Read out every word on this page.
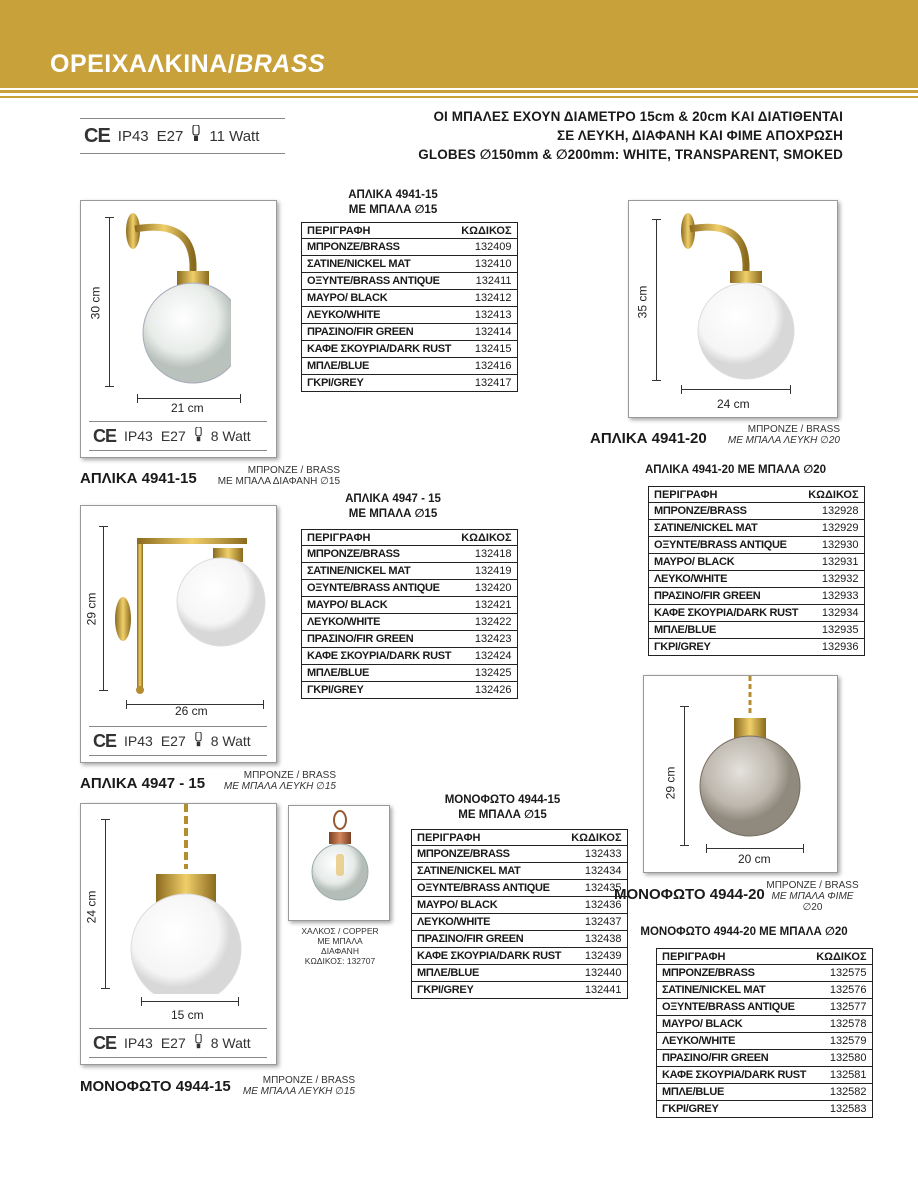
ΟΡΕΙΧΑΛΚΙΝΑ/BRASS
ΟΙ ΜΠΑΛΕΣ ΕΧΟΥΝ ΔΙΑΜΕΤΡΟ 15cm & 20cm ΚΑΙ ΔΙΑΤΙΘΕΝΤΑΙ
ΣΕ ΛΕΥΚΗ, ΔΙΑΦΑΝΗ ΚΑΙ ΦΙΜΕ ΑΠΟΧΡΩΣΗ
GLOBES ∅150mm & ∅200mm: WHITE, TRANSPARENT, SMOKED
CE IP43 E27 11 Watt
30 cm
21 cm
CE IP43 E27 8 Watt
ΑΠΛΙΚΑ 4941-15	ΜΠΡΟΝΖΕ / BRASS
ΜΕ ΜΠΑΛΑ ΔΙΑΦΑΝΗ ∅15
ΑΠΛΙΚΑ 4941-15
ΜΕ ΜΠΑΛΑ ∅15
ΠΕΡΙΓΡΑΦΗ	ΚΩΔΙΚΟΣ
ΜΠΡΟΝΖΕ/BRASS	132409
ΣΑΤΙΝΕ/NICKEL MAT	132410
ΟΞΥΝΤΕ/BRASS ANTIQUE	132411
ΜΑΥΡΟ/ BLACK	132412
ΛΕΥΚΟ/WHITE	132413
ΠΡΑΣΙΝΟ/FIR GREEN	132414
ΚΑΦΕ ΣΚΟΥΡΙΑ/DARK RUST	132415
ΜΠΛΕ/BLUE	132416
ΓΚΡΙ/GREY	132417
35 cm
24 cm
ΑΠΛΙΚΑ 4941-20
ΜΠΡΟΝΖΕ / BRASS
ΜΕ ΜΠΑΛΑ ΛΕΥΚΗ ∅20
ΑΠΛΙΚΑ 4941-20 ΜΕ ΜΠΑΛΑ ∅20
ΠΕΡΙΓΡΑΦΗ	ΚΩΔΙΚΟΣ
ΜΠΡΟΝΖΕ/BRASS	132928
ΣΑΤΙΝΕ/NICKEL MAT	132929
ΟΞΥΝΤΕ/BRASS ANTIQUE	132930
ΜΑΥΡΟ/ BLACK	132931
ΛΕΥΚΟ/WHITE	132932
ΠΡΑΣΙΝΟ/FIR GREEN	132933
ΚΑΦΕ ΣΚΟΥΡΙΑ/DARK RUST	132934
ΜΠΛΕ/BLUE	132935
ΓΚΡΙ/GREY	132936
29 cm
26 cm
CE IP43 E27 8 Watt
ΑΠΛΙΚΑ 4947 - 15	ΜΠΡΟΝΖΕ / BRASS
ΜΕ ΜΠΑΛΑ ΛΕΥΚΗ ∅15
ΑΠΛΙΚΑ 4947 - 15
ΜΕ ΜΠΑΛΑ ∅15
ΠΕΡΙΓΡΑΦΗ	ΚΩΔΙΚΟΣ
ΜΠΡΟΝΖΕ/BRASS	132418
ΣΑΤΙΝΕ/NICKEL MAT	132419
ΟΞΥΝΤΕ/BRASS ANTIQUE	132420
ΜΑΥΡΟ/ BLACK	132421
ΛΕΥΚΟ/WHITE	132422
ΠΡΑΣΙΝΟ/FIR GREEN	132423
ΚΑΦΕ ΣΚΟΥΡΙΑ/DARK RUST	132424
ΜΠΛΕ/BLUE	132425
ΓΚΡΙ/GREY	132426
29 cm
20 cm
ΜΟΝΟΦΩΤΟ 4944-20
ΜΠΡΟΝΖΕ / BRASS
ΜΕ ΜΠΑΛΑ ΦΙΜΕ
∅20
ΜΟΝΟΦΩΤΟ 4944-20 ΜΕ ΜΠΑΛΑ ∅20
ΠΕΡΙΓΡΑΦΗ	ΚΩΔΙΚΟΣ
ΜΠΡΟΝΖΕ/BRASS	132575
ΣΑΤΙΝΕ/NICKEL MAT	132576
ΟΞΥΝΤΕ/BRASS ANTIQUE	132577
ΜΑΥΡΟ/ BLACK	132578
ΛΕΥΚΟ/WHITE	132579
ΠΡΑΣΙΝΟ/FIR GREEN	132580
ΚΑΦΕ ΣΚΟΥΡΙΑ/DARK RUST	132581
ΜΠΛΕ/BLUE	132582
ΓΚΡΙ/GREY	132583
24 cm
15 cm
CE IP43 E27 8 Watt
ΜΟΝΟΦΩΤΟ 4944-15	ΜΠΡΟΝΖΕ / BRASS
ΜΕ ΜΠΑΛΑ ΛΕΥΚΗ ∅15
ΧΑΛΚΟΣ / COPPER
ΜΕ ΜΠΑΛΑ
ΔΙΑΦΑΝΗ
ΚΩΔΙΚΟΣ: 132707
ΜΟΝΟΦΩΤΟ 4944-15
ΜΕ ΜΠΑΛΑ ∅15
ΠΕΡΙΓΡΑΦΗ	ΚΩΔΙΚΟΣ
ΜΠΡΟΝΖΕ/BRASS	132433
ΣΑΤΙΝΕ/NICKEL MAT	132434
ΟΞΥΝΤΕ/BRASS ANTIQUE	132435
ΜΑΥΡΟ/ BLACK	132436
ΛΕΥΚΟ/WHITE	132437
ΠΡΑΣΙΝΟ/FIR GREEN	132438
ΚΑΦΕ ΣΚΟΥΡΙΑ/DARK RUST	132439
ΜΠΛΕ/BLUE	132440
ΓΚΡΙ/GREY	132441
